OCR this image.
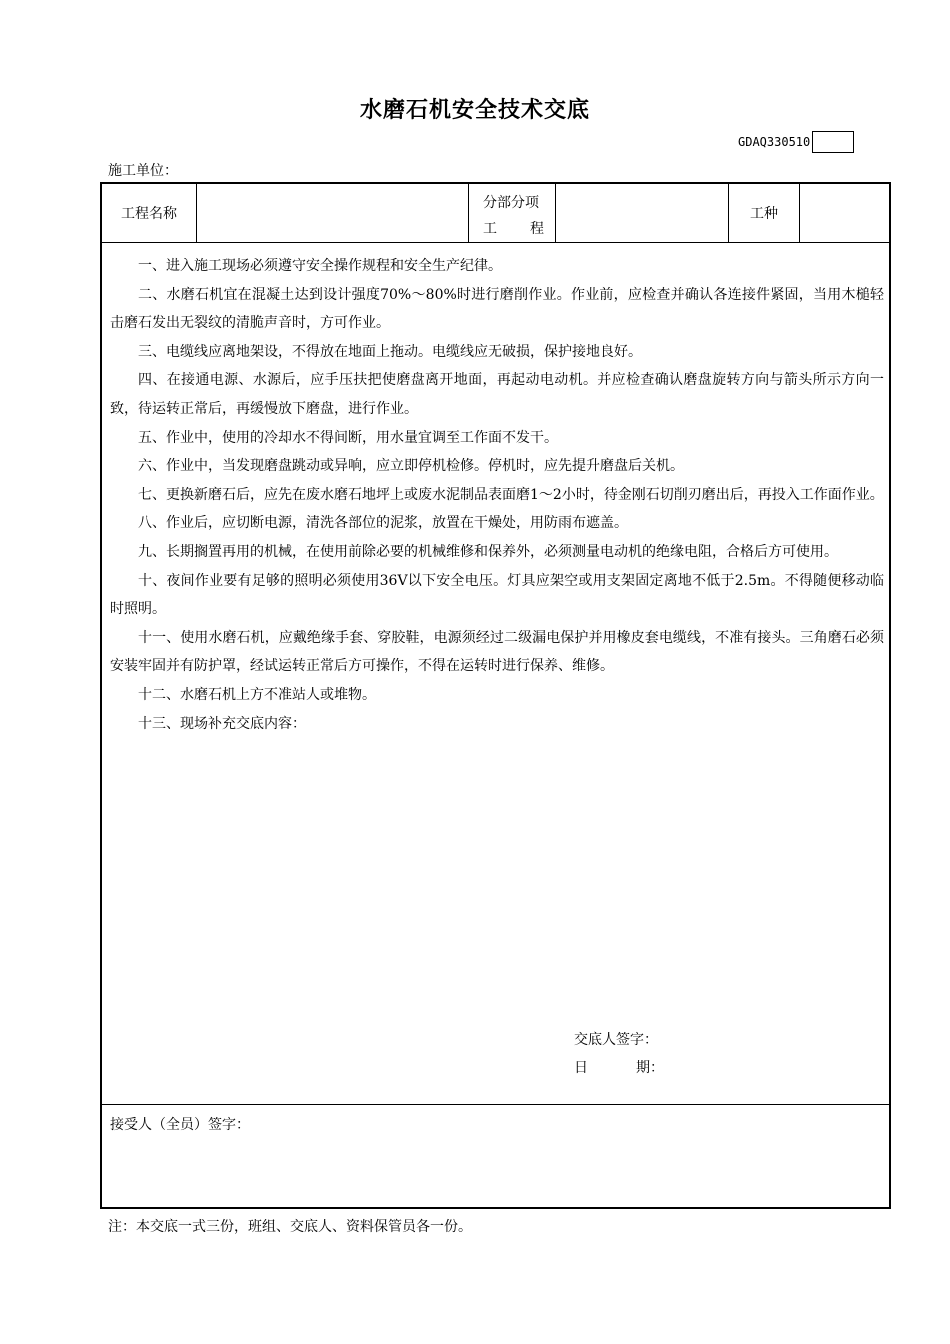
水磨石机安全技术交底
GDAQ330510
施工单位：
工程名称
分部分项
工 程
工种

一、进入施工现场必须遵守安全操作规程和安全生产纪律。

二、水磨石机宜在混凝土达到设计强度70%～80%时进行磨削作业。作业前，应检查并确认各连接件紧固，当用木槌轻击磨石发出无裂纹的清脆声音时，方可作业。

三、电缆线应离地架设，不得放在地面上拖动。电缆线应无破损，保护接地良好。

四、在接通电源、水源后，应手压扶把使磨盘离开地面，再起动电动机。并应检查确认磨盘旋转方向与箭头所示方向一致，待运转正常后，再缓慢放下磨盘，进行作业。

五、作业中，使用的冷却水不得间断，用水量宜调至工作面不发干。

六、作业中，当发现磨盘跳动或异响，应立即停机检修。停机时，应先提升磨盘后关机。

七、更换新磨石后，应先在废水磨石地坪上或废水泥制品表面磨1～2小时，待金刚石切削刃磨出后，再投入工作面作业。

八、作业后，应切断电源，清洗各部位的泥浆，放置在干燥处，用防雨布遮盖。

九、长期搁置再用的机械，在使用前除必要的机械维修和保养外，必须测量电动机的绝缘电阻，合格后方可使用。

十、夜间作业要有足够的照明必须使用36V以下安全电压。灯具应架空或用支架固定离地不低于2.5m。不得随便移动临时照明。

十一、使用水磨石机，应戴绝缘手套、穿胶鞋，电源须经过二级漏电保护并用橡皮套电缆线，不准有接头。三角磨石必须安装牢固并有防护罩，经试运转正常后方可操作，不得在运转时进行保养、维修。

十二、水磨石机上方不准站人或堆物。

十三、现场补充交底内容：

交底人签字：
日	期：
接受人（全员）签字：
注：本交底一式三份，班组、交底人、资料保管员各一份。
